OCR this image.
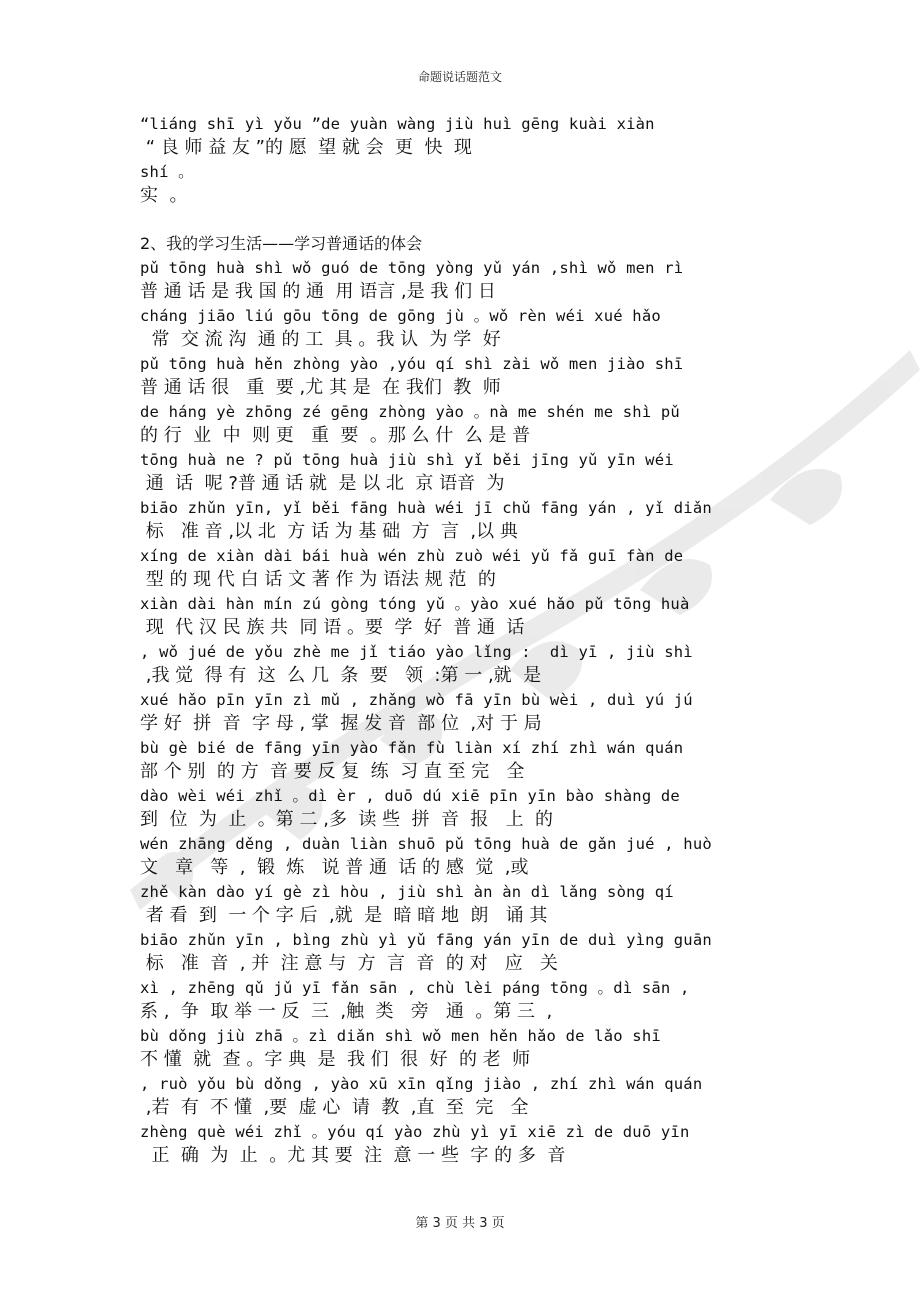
命题说话题范文
“liáng shī yì yǒu ”de yuàn wàng jiù huì gēng kuài xiàn
“ 良 师 益 友 ”的 愿  望 就 会  更  快  现
shí 。
实  。
2、我的学习生活——学习普通话的体会
pǔ tōng huà shì wǒ guó de tōng yòng yǔ yán ,shì wǒ men rì
普 通 话 是 我 国 的 通  用 语言 ,是 我 们 日
cháng jiāo liú gōu tōng de gōng jù 。wǒ rèn wéi xué hǎo
常  交 流 沟  通 的 工  具 。我 认  为 学  好
pǔ tōng huà hěn zhòng yào ,yóu qí shì zài wǒ men jiào shī
普 通 话 很   重  要 ,尤 其 是  在 我们  教  师
de háng yè zhōng zé gēng zhòng yào 。nà me shén me shì pǔ
的 行  业  中  则 更   重  要  。那 么 什  么 是 普
tōng huà ne ? pǔ tōng huà jiù shì yǐ běi jīng yǔ yīn wéi
通  话  呢 ?普 通 话 就  是 以 北  京 语音  为
biāo zhǔn yīn, yǐ běi fāng huà wéi jī chǔ fāng yán , yǐ diǎn
标   准 音 ,以 北  方 话 为 基 础  方  言  ,以 典
xíng de xiàn dài bái huà wén zhù zuò wéi yǔ fǎ guī fàn de
型 的 现 代 白 话 文 著 作 为 语法 规 范  的
xiàn dài hàn mín zú gòng tóng yǔ 。yào xué hǎo pǔ tōng huà
现  代 汉 民 族 共  同 语 。要  学  好  普 通  话
, wǒ jué de yǒu zhè me jǐ tiáo yào lǐng :  dì yī , jiù shì
,我 觉  得 有  这  么 几  条  要   领  :第 一 ,就  是
xué hǎo pīn yīn zì mǔ , zhǎng wò fā yīn bù wèi , duì yú jú
学 好  拼  音  字 母 , 掌  握 发 音  部 位  ,对 于 局
bù gè bié de fāng yīn yào fǎn fù liàn xí zhí zhì wán quán
部 个 别  的 方  音 要 反 复  练  习 直 至 完   全
dào wèi wéi zhǐ 。dì èr , duō dú xiē pīn yīn bào shàng de
到  位  为  止  。第 二 ,多  读 些  拼  音  报   上  的
wén zhāng děng , duàn liàn shuō pǔ tōng huà de gǎn jué , huò
文   章   等  ,  锻  炼   说 普 通  话 的 感  觉  ,或
zhě kàn dào yí gè zì hòu , jiù shì àn àn dì lǎng sòng qí
者 看  到  一 个 字 后  ,就  是  暗 暗 地  朗   诵 其
biāo zhǔn yīn , bìng zhù yì yǔ fāng yán yīn de duì yìng guān
标   准  音  , 并  注 意 与  方  言  音  的 对   应   关
xì , zhēng qǔ jǔ yī fǎn sān , chù lèi páng tōng 。dì sān ,
系 ,  争  取 举 一 反  三  ,触  类   旁   通  。第 三  ,
bù dǒng jiù zhā 。zì diǎn shì wǒ men hěn hǎo de lǎo shī
不 懂  就  查 。字 典  是  我 们  很  好  的 老  师
, ruò yǒu bù dǒng , yào xū xīn qǐng jiào , zhí zhì wán quán
,若  有  不 懂  ,要  虚 心  请  教  ,直  至  完   全
zhèng què wéi zhǐ 。yóu qí yào zhù yì yī xiē zì de duō yīn
正  确  为  止  。尤 其 要  注  意 一 些  字 的 多  音
第 3 页 共 3 页
